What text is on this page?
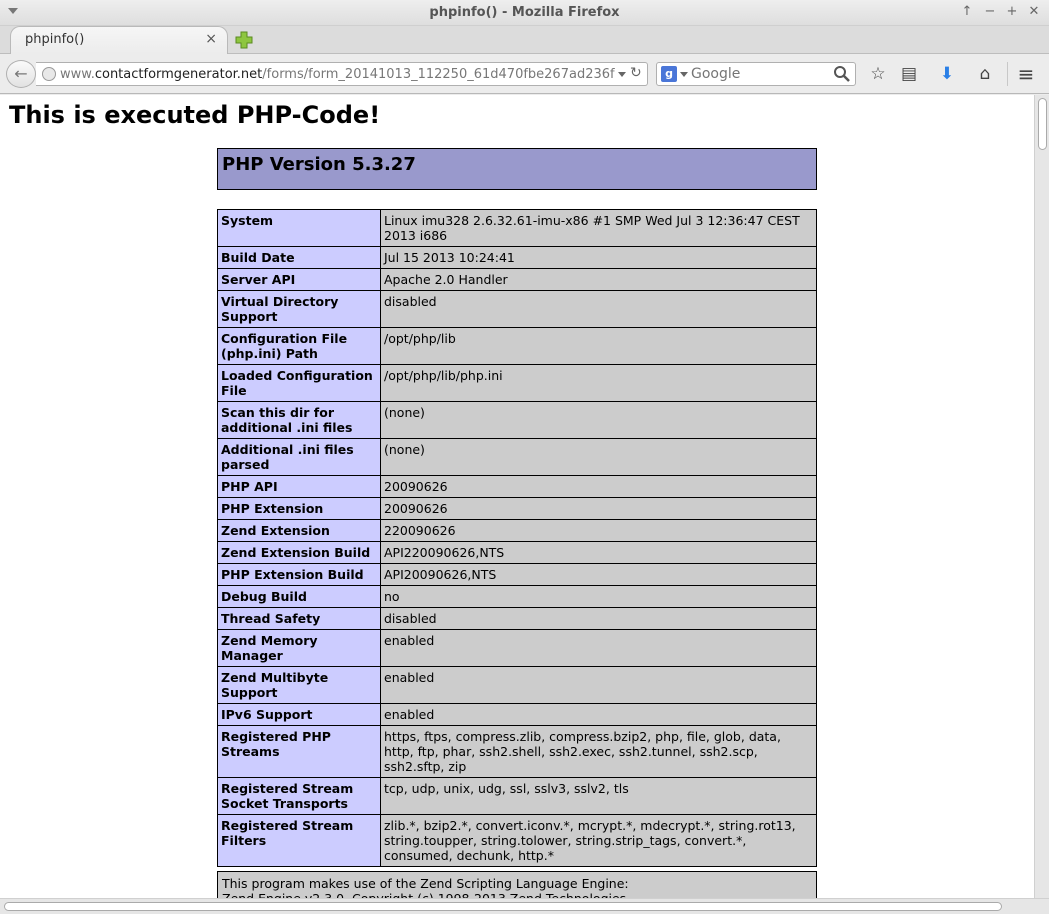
phpinfo() - Mozilla Firefox	↑ − + ✕
phpinfo()	×
www.contactformgenerator.net/forms/form_20141013_112250_61d470fbe267ad236f ↻
←	g
Google	☆ ▤ ⬇	⌂ ≡
This is executed PHP-Code!
PHP Version 5.3.27
System	Linux imu328 2.6.32.61-imu-x86 #1 SMP Wed Jul 3 12:36:47 CEST 2013 i686
Build Date	Jul 15 2013 10:24:41
Server API	Apache 2.0 Handler
Virtual Directory Support	disabled
Configuration File (php.ini) Path	/opt/php/lib
Loaded Configuration File	/opt/php/lib/php.ini
Scan this dir for additional .ini files	(none)
Additional .ini files parsed	(none)
PHP API	20090626
PHP Extension	20090626
Zend Extension	220090626
Zend Extension Build	API220090626,NTS
PHP Extension Build	API20090626,NTS
Debug Build	no
Thread Safety	disabled
Zend Memory Manager	enabled
Zend Multibyte Support	enabled
IPv6 Support	enabled
Registered PHP Streams	https, ftps, compress.zlib, compress.bzip2, php, file, glob, data, http, ftp, phar, ssh2.shell, ssh2.exec, ssh2.tunnel, ssh2.scp, ssh2.sftp, zip
Registered Stream Socket Transports	tcp, udp, unix, udg, ssl, sslv3, sslv2, tls
Registered Stream Filters	zlib.*, bzip2.*, convert.iconv.*, mcrypt.*, mdecrypt.*, string.rot13, string.toupper, string.tolower, string.strip_tags, convert.*, consumed, dechunk, http.*
This program makes use of the Zend Scripting Language Engine:
